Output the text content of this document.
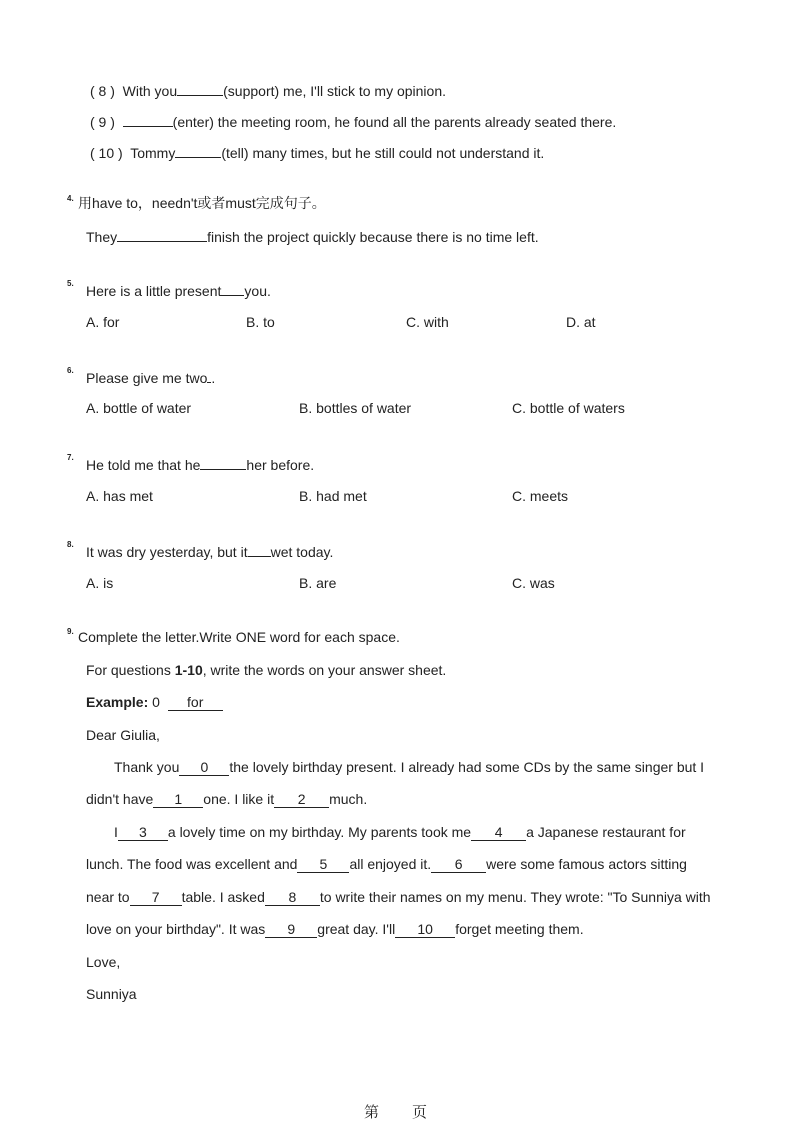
( 8 ) With you	(support) me, I'll stick to my opinion.
( 9 )	(enter) the meeting room, he found all the parents already seated there.
( 10 ) Tommy	(tell) many times, but he still could not understand it.
4. 用have to，needn't或者must完成句子。
They	finish the project quickly because there is no time left.
5. Here is a little present you.
A. for	B. to	C. with	D. at
6. Please give me two .
A. bottle of water	B. bottles of water	C. bottle of waters
7. He told me that he	her before.
A. has met	B. had met	C. meets
8. It was dry yesterday, but it wet today.
A. is	B. are	C. was
9. Complete the letter.Write ONE word for each space.
For questions 1-10, write the words on your answer sheet.
Example: 0 for
Dear Giulia,
Thank you 0 the lovely birthday present. I already had some CDs by the same singer but I
didn't have 1 one. I like it 2 much.
I 3 a lovely time on my birthday. My parents took me 4 a Japanese restaurant for
lunch. The food was excellent and 5 all enjoyed it. 6 were some famous actors sitting
near to 7 table. I asked 8 to write their names on my menu. They wrote: "To Sunniya with
love on your birthday". It was 9 great day. I'll 10 forget meeting them.
Love,
Sunniya
第 页
